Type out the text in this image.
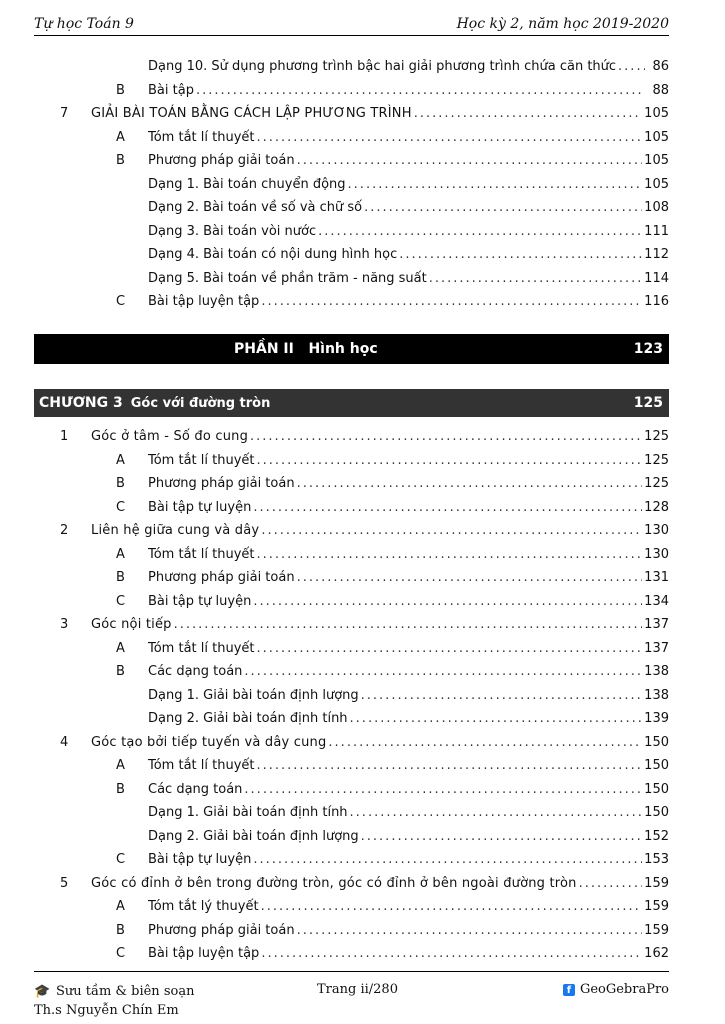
Tự học Toán 9	Học kỳ 2, năm học 2019-2020
Dạng 10. Sử dụng phương trình bậc hai giải phương trình chứa căn thức .....	86
B Bài tập .....	88
7 GIẢI BÀI TOÁN BẰNG CÁCH LẬP PHƯƠNG TRÌNH .....	105
A Tóm tắt lí thuyết .....	105
B Phương pháp giải toán .....	105
Dạng 1. Bài toán chuyển động .....	105
Dạng 2. Bài toán về số và chữ số .....	108
Dạng 3. Bài toán vòi nước .....	111
Dạng 4. Bài toán có nội dung hình học .....	112
Dạng 5. Bài toán về phần trăm - năng suất .....	114
C Bài tập luyện tập .....	116
PHẦN II Hình học	123
CHƯƠNG 3 Góc với đường tròn	125
1 Góc ở tâm - Số đo cung .....	125
A Tóm tắt lí thuyết .....	125
B Phương pháp giải toán .....	125
C Bài tập tự luyện .....	128
2 Liên hệ giữa cung và dây .....	130
A Tóm tắt lí thuyết .....	130
B Phương pháp giải toán .....	131
C Bài tập tự luyện .....	134
3 Góc nội tiếp .....	137
A Tóm tắt lí thuyết .....	137
B Các dạng toán .....	138
Dạng 1. Giải bài toán định lượng .....	138
Dạng 2. Giải bài toán định tính .....	139
4 Góc tạo bởi tiếp tuyến và dây cung .....	150
A Tóm tắt lí thuyết .....	150
B Các dạng toán .....	150
Dạng 1. Giải bài toán định tính .....	150
Dạng 2. Giải bài toán định lượng .....	152
C Bài tập tự luyện .....	153
5 Góc có đỉnh ở bên trong đường tròn, góc có đỉnh ở bên ngoài đường tròn .....	159
A Tóm tắt lý thuyết .....	159
B Phương pháp giải toán .....	159
C Bài tập luyện tập .....	162
🎓 Sưu tầm & biên soạn
Th.s Nguyễn Chín Em
Trang ii/280	f GeoGebraPro
